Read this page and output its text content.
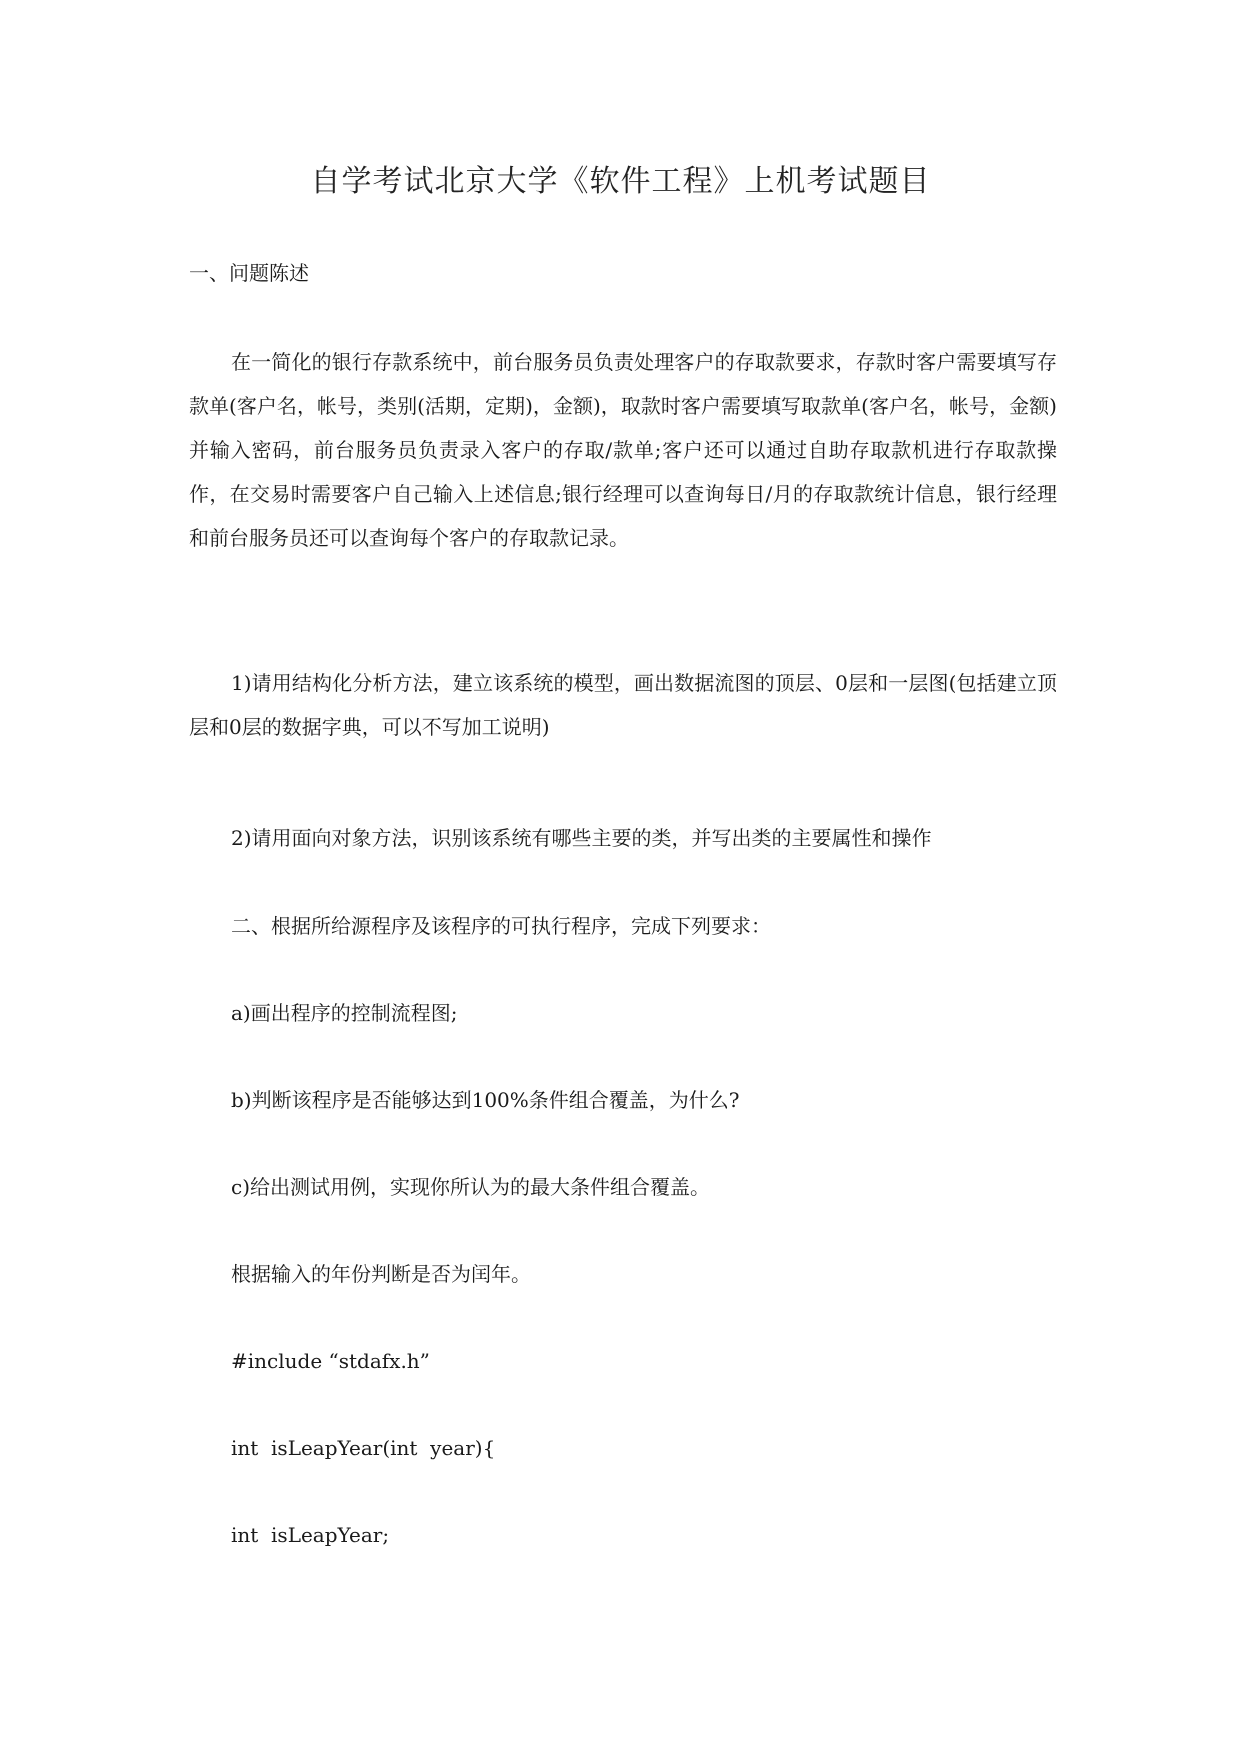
自学考试北京大学《软件工程》上机考试题目
一、问题陈述
在一简化的银行存款系统中，前台服务员负责处理客户的存取款要求，存款时客户需要填写存款单(客户名，帐号，类别(活期，定期)，金额)，取款时客户需要填写取款单(客户名，帐号，金额)并输入密码，前台服务员负责录入客户的存取/款单;客户还可以通过自助存取款机进行存取款操作，在交易时需要客户自己输入上述信息;银行经理可以查询每日/月的存取款统计信息，银行经理和前台服务员还可以查询每个客户的存取款记录。
1)请用结构化分析方法，建立该系统的模型，画出数据流图的顶层、0层和一层图(包括建立顶层和0层的数据字典，可以不写加工说明)
2)请用面向对象方法，识别该系统有哪些主要的类，并写出类的主要属性和操作
二、根据所给源程序及该程序的可执行程序，完成下列要求：
a)画出程序的控制流程图;
b)判断该程序是否能够达到100%条件组合覆盖，为什么?
c)给出测试用例，实现你所认为的最大条件组合覆盖。
根据输入的年份判断是否为闰年。
#include “stdafx.h”
int  isLeapYear(int  year){
int  isLeapYear;
